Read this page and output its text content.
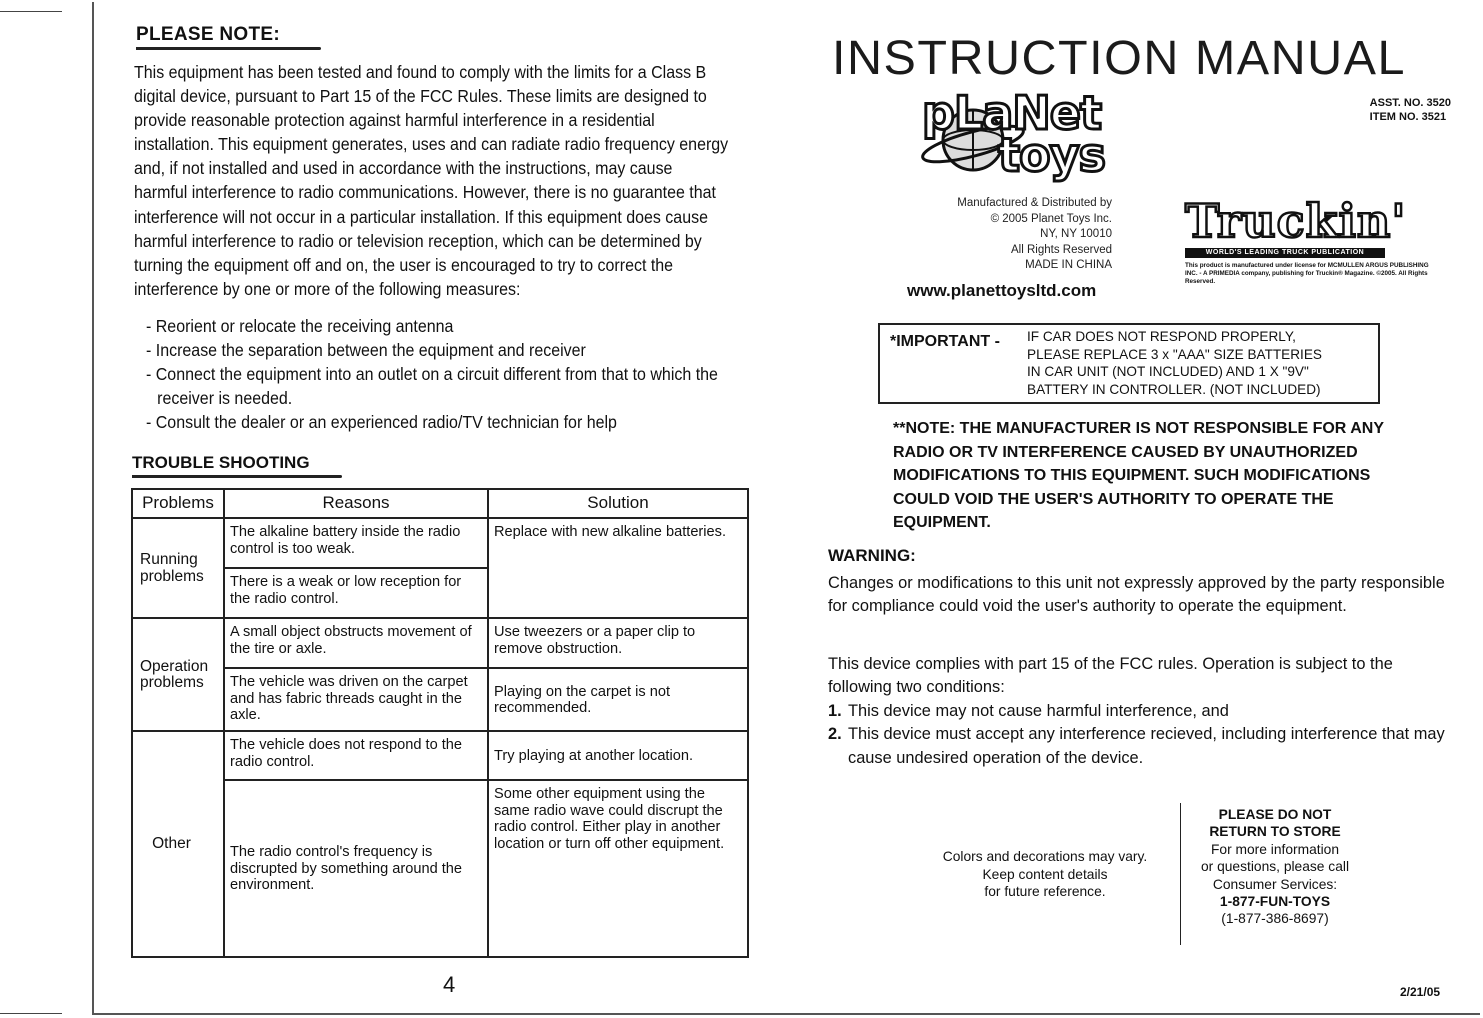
PLEASE NOTE:

This equipment has been tested and found to comply with the limits for a Class B digital device, pursuant to Part 15 of the FCC Rules. These limits are designed to provide reasonable protection against harmful interference in a residential installation. This equipment generates, uses and can radiate radio frequency energy and, if not installed and used in accordance with the instructions, may cause harmful interference to radio communications. However, there is no guarantee that interference will not occur in a particular installation. If this equipment does cause harmful interference to radio or television reception, which can be determined by turning the equipment off and on, the user is encouraged to try to correct the interference by one or more of the following measures:

- Reorient or relocate the receiving antenna
- Increase the separation between the equipment and receiver
- Connect the equipment into an outlet on a circuit different from that to which the receiver is needed.
- Consult the dealer or an experienced radio/TV technician for help
TROUBLE SHOOTING
Problems	Reasons	Solution
Running problems	The alkaline battery inside the radio control is too weak.	Replace with new alkaline batteries.
	There is a weak or low reception for the radio control.	
Operation problems	A small object obstructs movement of the tire or axle.	Use tweezers or a paper clip to remove obstruction.
	The vehicle was driven on the carpet and has fabric threads caught in the axle.	Playing on the carpet is not recommended.
Other	The vehicle does not respond to the radio control.	Try playing at another location.
	The radio control's frequency is discrupted by something around the environment.	Some other equipment using the same radio wave could discrupt the radio control. Either play in another location or turn off other equipment.
4
INSTRUCTION MANUAL
pLaNet
toys
ASST. NO. 3520
ITEM NO. 3521
Manufactured & Distributed by
© 2005 Planet Toys Inc.
NY, NY 10010
All Rights Reserved
MADE IN CHINA
www.planettoysltd.com
Truckin'
WORLD'S LEADING TRUCK PUBLICATION
This product is manufactured under license for MCMULLEN ARGUS PUBLISHING INC. - A PRIMEDIA company, publishing for Truckin® Magazine. ©2005. All Rights Reserved.
*IMPORTANT - IF CAR DOES NOT RESPOND PROPERLY,
PLEASE REPLACE 3 x "AAA" SIZE BATTERIES
IN CAR UNIT (NOT INCLUDED) AND 1 X "9V"
BATTERY IN CONTROLLER. (NOT INCLUDED)

**NOTE: THE MANUFACTURER IS NOT RESPONSIBLE FOR ANY RADIO OR TV INTERFERENCE CAUSED BY UNAUTHORIZED MODIFICATIONS TO THIS EQUIPMENT. SUCH MODIFICATIONS COULD VOID THE USER'S AUTHORITY TO OPERATE THE EQUIPMENT.

WARNING:

Changes or modifications to this unit not expressly approved by the party responsible for compliance could void the user's authority to operate the equipment.

This device complies with part 15 of the FCC rules. Operation is subject to the following two conditions:

1. This device may not cause harmful interference, and
2. This device must accept any interference recieved, including interference that may cause undesired operation of the device.
Colors and decorations may vary.
Keep content details
for future reference.
PLEASE DO NOT
RETURN TO STORE
For more information
or questions, please call
Consumer Services:
1-877-FUN-TOYS
(1-877-386-8697)
2/21/05
